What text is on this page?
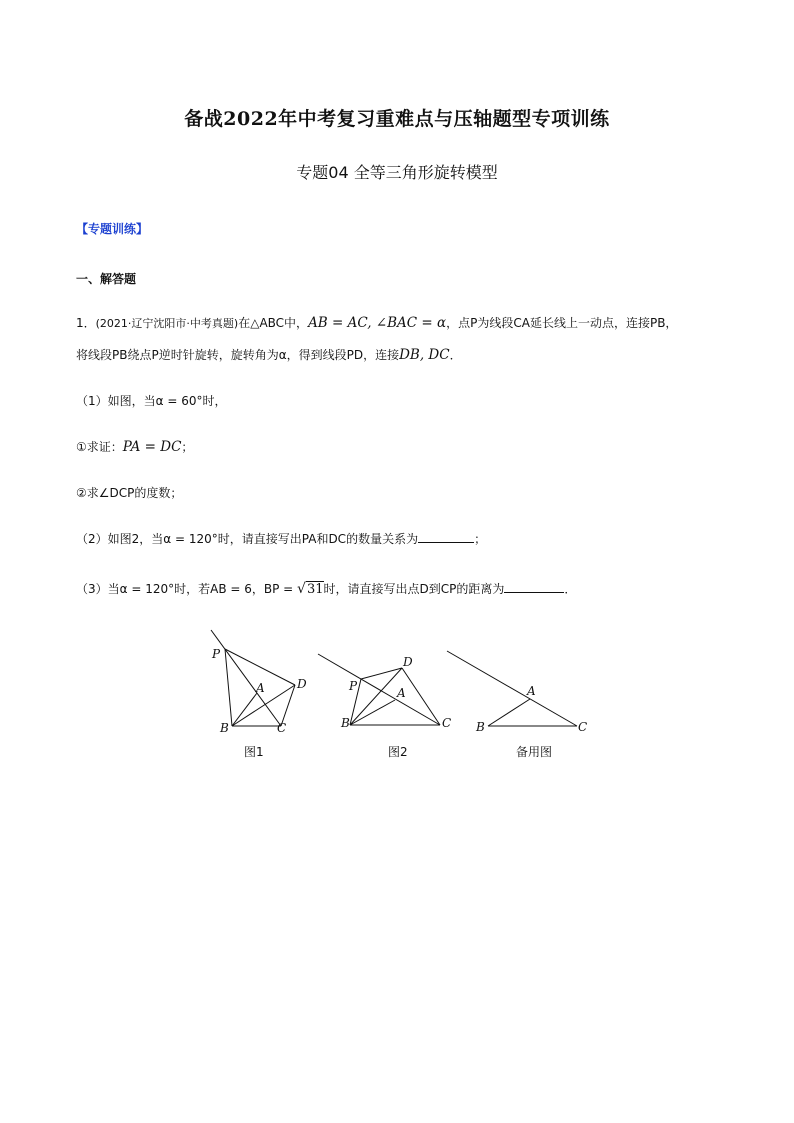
备战2022年中考复习重难点与压轴题型专项训练
专题04 全等三角形旋转模型
【专题训练】
一、解答题
1．(2021·辽宁沈阳市·中考真题)在△ABC中，AB = AC, ∠BAC = α，点P为线段CA延长线上一动点，连接PB，
将线段PB绕点P逆时针旋转，旋转角为α，得到线段PD，连接DB, DC．
（1）如图，当α = 60°时，
①求证：PA = DC；
②求∠DCP的度数；
（2）如图2，当α = 120°时，请直接写出PA和DC的数量关系为	；
（3）当α = 120°时，若AB = 6，BP = √31时，请直接写出点D到CP的距离为	．
P
A	D
B	C
图1
P
D
A
B	C
图2
A
B	C
备用图
